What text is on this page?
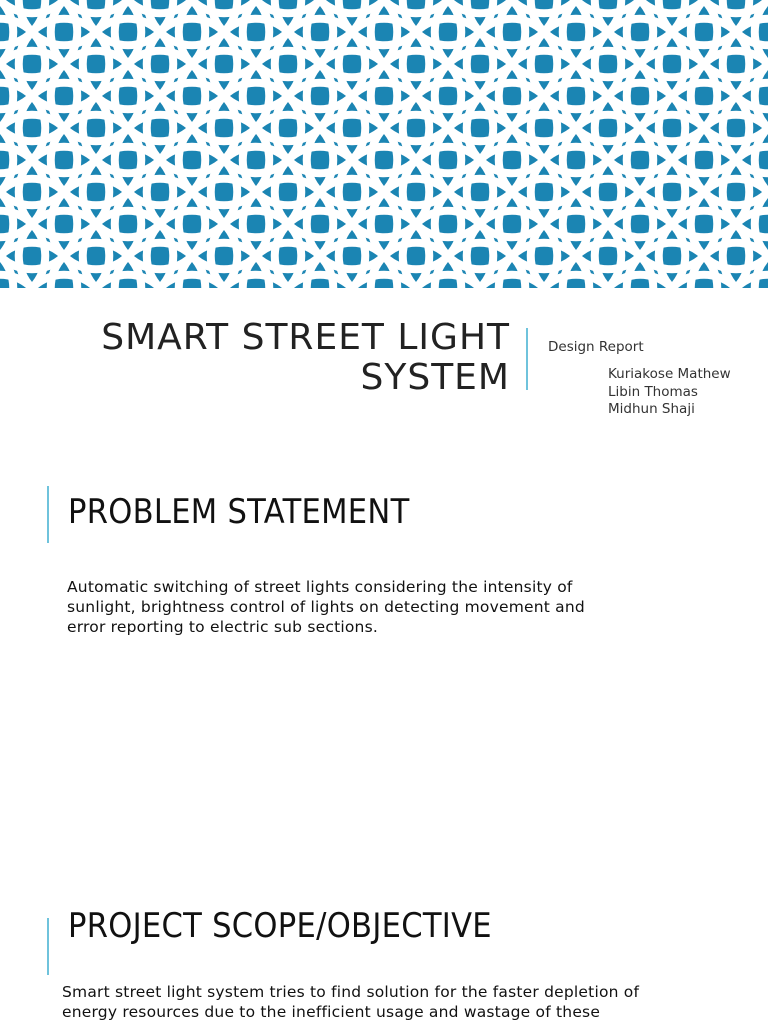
SMART STREET LIGHT
SYSTEM
Design Report
Kuriakose Mathew
Libin Thomas
Midhun Shaji
PROBLEM STATEMENT
Automatic switching of street lights considering the intensity of
sunlight, brightness control of lights on detecting movement and
error reporting to electric sub sections.
PROJECT SCOPE/OBJECTIVE
Smart street light system tries to find solution for the faster depletion of
energy resources due to the inefficient usage and wastage of these
